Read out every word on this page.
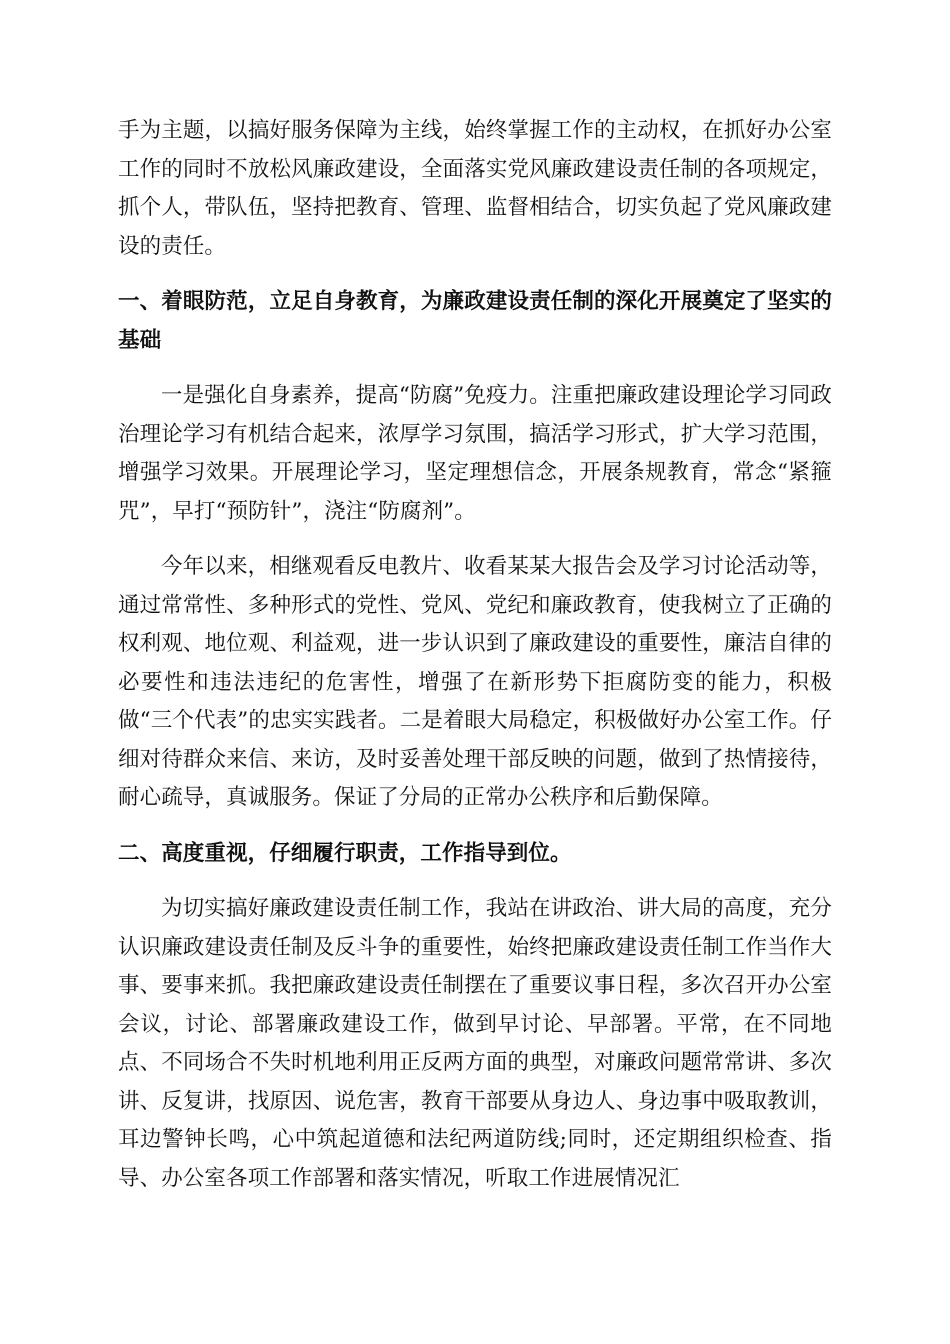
手为主题，以搞好服务保障为主线，始终掌握工作的主动权，在抓好办公室工作的同时不放松风廉政建设，全面落实党风廉政建设责任制的各项规定，抓个人，带队伍，坚持把教育、管理、监督相结合，切实负起了党风廉政建设的责任。

一、着眼防范，立足自身教育，为廉政建设责任制的深化开展奠定了坚实的基础

一是强化自身素养，提高“防腐”免疫力。注重把廉政建设理论学习同政治理论学习有机结合起来，浓厚学习氛围，搞活学习形式，扩大学习范围，增强学习效果。开展理论学习，坚定理想信念，开展条规教育，常念“紧箍咒”，早打“预防针”，浇注“防腐剂”。

今年以来，相继观看反电教片、收看某某大报告会及学习讨论活动等，通过常常性、多种形式的党性、党风、党纪和廉政教育，使我树立了正确的权利观、地位观、利益观，进一步认识到了廉政建设的重要性，廉洁自律的必要性和违法违纪的危害性，增强了在新形势下拒腐防变的能力，积极做“三个代表”的忠实实践者。二是着眼大局稳定，积极做好办公室工作。仔细对待群众来信、来访，及时妥善处理干部反映的问题，做到了热情接待，耐心疏导，真诚服务。保证了分局的正常办公秩序和后勤保障。

二、高度重视，仔细履行职责，工作指导到位。

为切实搞好廉政建设责任制工作，我站在讲政治、讲大局的高度，充分认识廉政建设责任制及反斗争的重要性，始终把廉政建设责任制工作当作大事、要事来抓。我把廉政建设责任制摆在了重要议事日程，多次召开办公室会议，讨论、部署廉政建设工作，做到早讨论、早部署。平常，在不同地点、不同场合不失时机地利用正反两方面的典型，对廉政问题常常讲、多次讲、反复讲，找原因、说危害，教育干部要从身边人、身边事中吸取教训，耳边警钟长鸣，心中筑起道德和法纪两道防线;同时，还定期组织检查、指导、办公室各项工作部署和落实情况，听取工作进展情况汇
